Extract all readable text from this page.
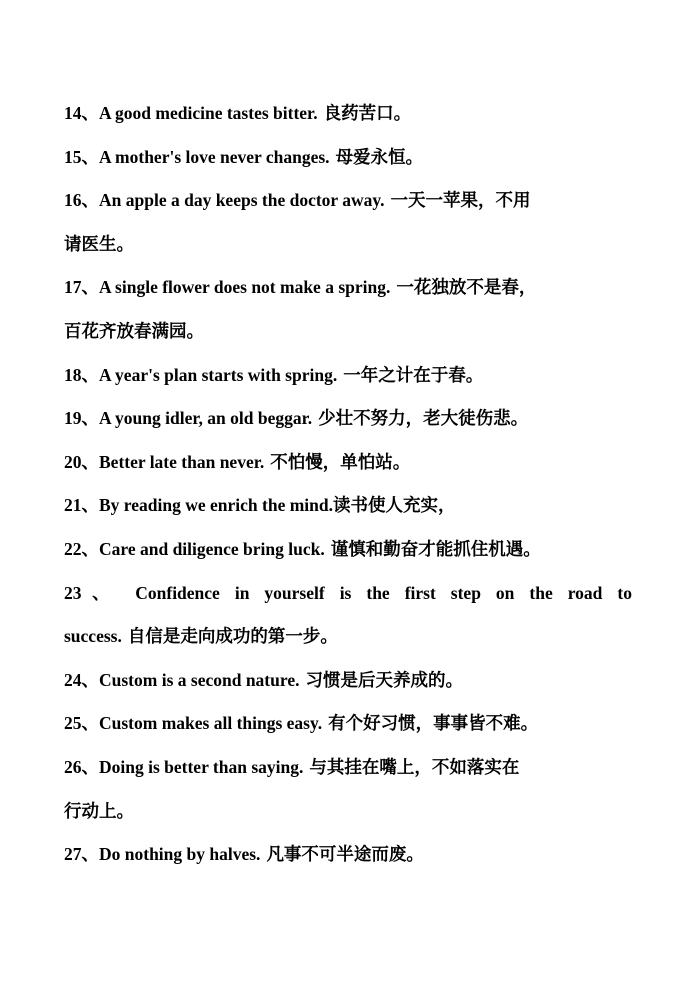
14、A good medicine tastes bitter. 良药苦口。
15、A mother's love never changes. 母爱永恒。
16、An apple a day keeps the doctor away. 一天一苹果，不用
请医生。
17、A single flower does not make a spring. 一花独放不是春，
百花齐放春满园。
18、A year's plan starts with spring. 一年之计在于春。
19、A young idler, an old beggar. 少壮不努力，老大徒伤悲。
20、Better late than never. 不怕慢，单怕站。
21、By reading we enrich the mind.读书使人充实，
22、Care and diligence bring luck. 谨慎和勤奋才能抓住机遇。
23、 Confidence in yourself is the first step on the road to
success. 自信是走向成功的第一步。
24、Custom is a second nature. 习惯是后天养成的。
25、Custom makes all things easy. 有个好习惯，事事皆不难。
26、Doing is better than saying. 与其挂在嘴上，不如落实在
行动上。
27、Do nothing by halves. 凡事不可半途而废。
